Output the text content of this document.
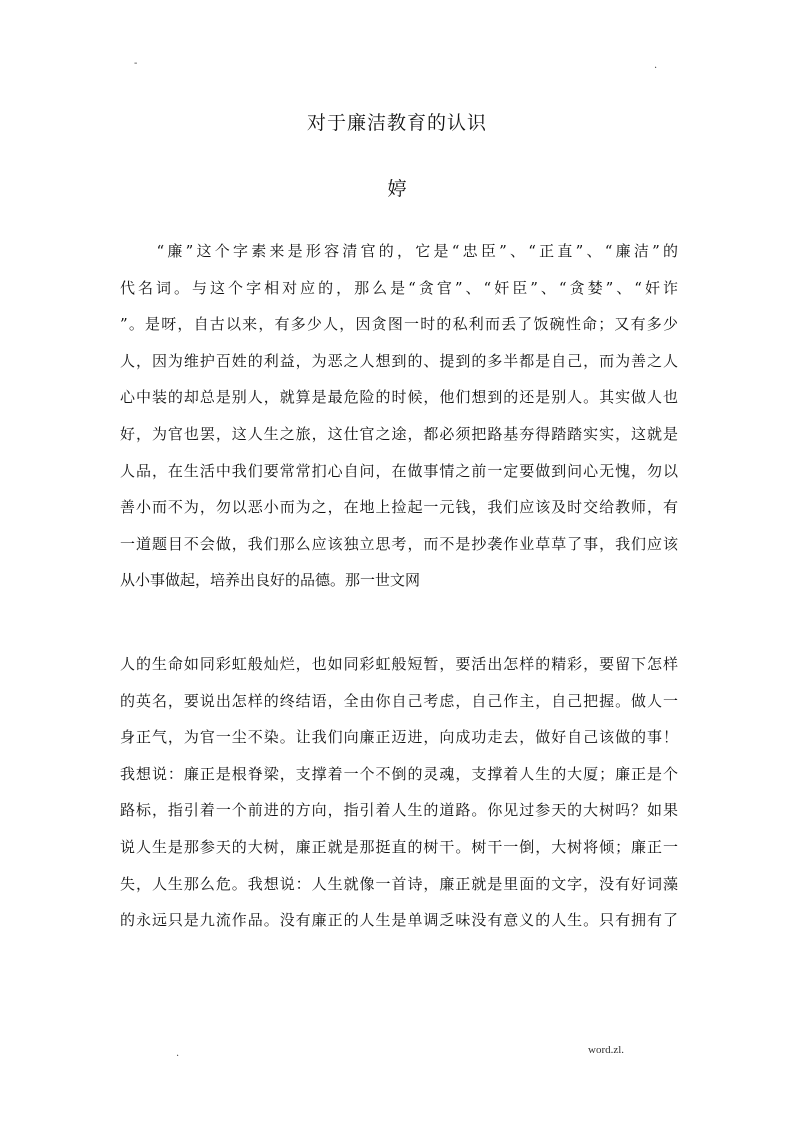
-	.
对于廉洁教育的认识
婷
　　“廉”这个字素来是形容清官的，它是“忠臣”、“正直”、“廉洁”的
代名词。与这个字相对应的，那么是“贪官”、“奸臣”、“贪婪”、“奸诈
”。是呀，自古以来，有多少人，因贪图一时的私利而丢了饭碗性命；又有多少
人，因为维护百姓的利益，为恶之人想到的、提到的多半都是自己，而为善之人
心中装的却总是别人，就算是最危险的时候，他们想到的还是别人。其实做人也
好，为官也罢，这人生之旅，这仕官之途，都必须把路基夯得踏踏实实，这就是
人品，在生活中我们要常常扪心自问，在做事情之前一定要做到问心无愧，勿以
善小而不为，勿以恶小而为之，在地上捡起一元钱，我们应该及时交给教师，有
一道题目不会做，我们那么应该独立思考，而不是抄袭作业草草了事，我们应该
从小事做起，培养出良好的品德。那一世文网
人的生命如同彩虹般灿烂，也如同彩虹般短暂，要活出怎样的精彩，要留下怎样
的英名，要说出怎样的终结语，全由你自己考虑，自己作主，自己把握。做人一
身正气，为官一尘不染。让我们向廉正迈进，向成功走去，做好自己该做的事！
我想说：廉正是根脊梁，支撑着一个不倒的灵魂，支撑着人生的大厦；廉正是个
路标，指引着一个前进的方向，指引着人生的道路。你见过参天的大树吗？如果
说人生是那参天的大树，廉正就是那挺直的树干。树干一倒，大树将倾；廉正一
失，人生那么危。我想说：人生就像一首诗，廉正就是里面的文字，没有好词藻
的永远只是九流作品。没有廉正的人生是单调乏味没有意义的人生。只有拥有了
.	word.zl.
